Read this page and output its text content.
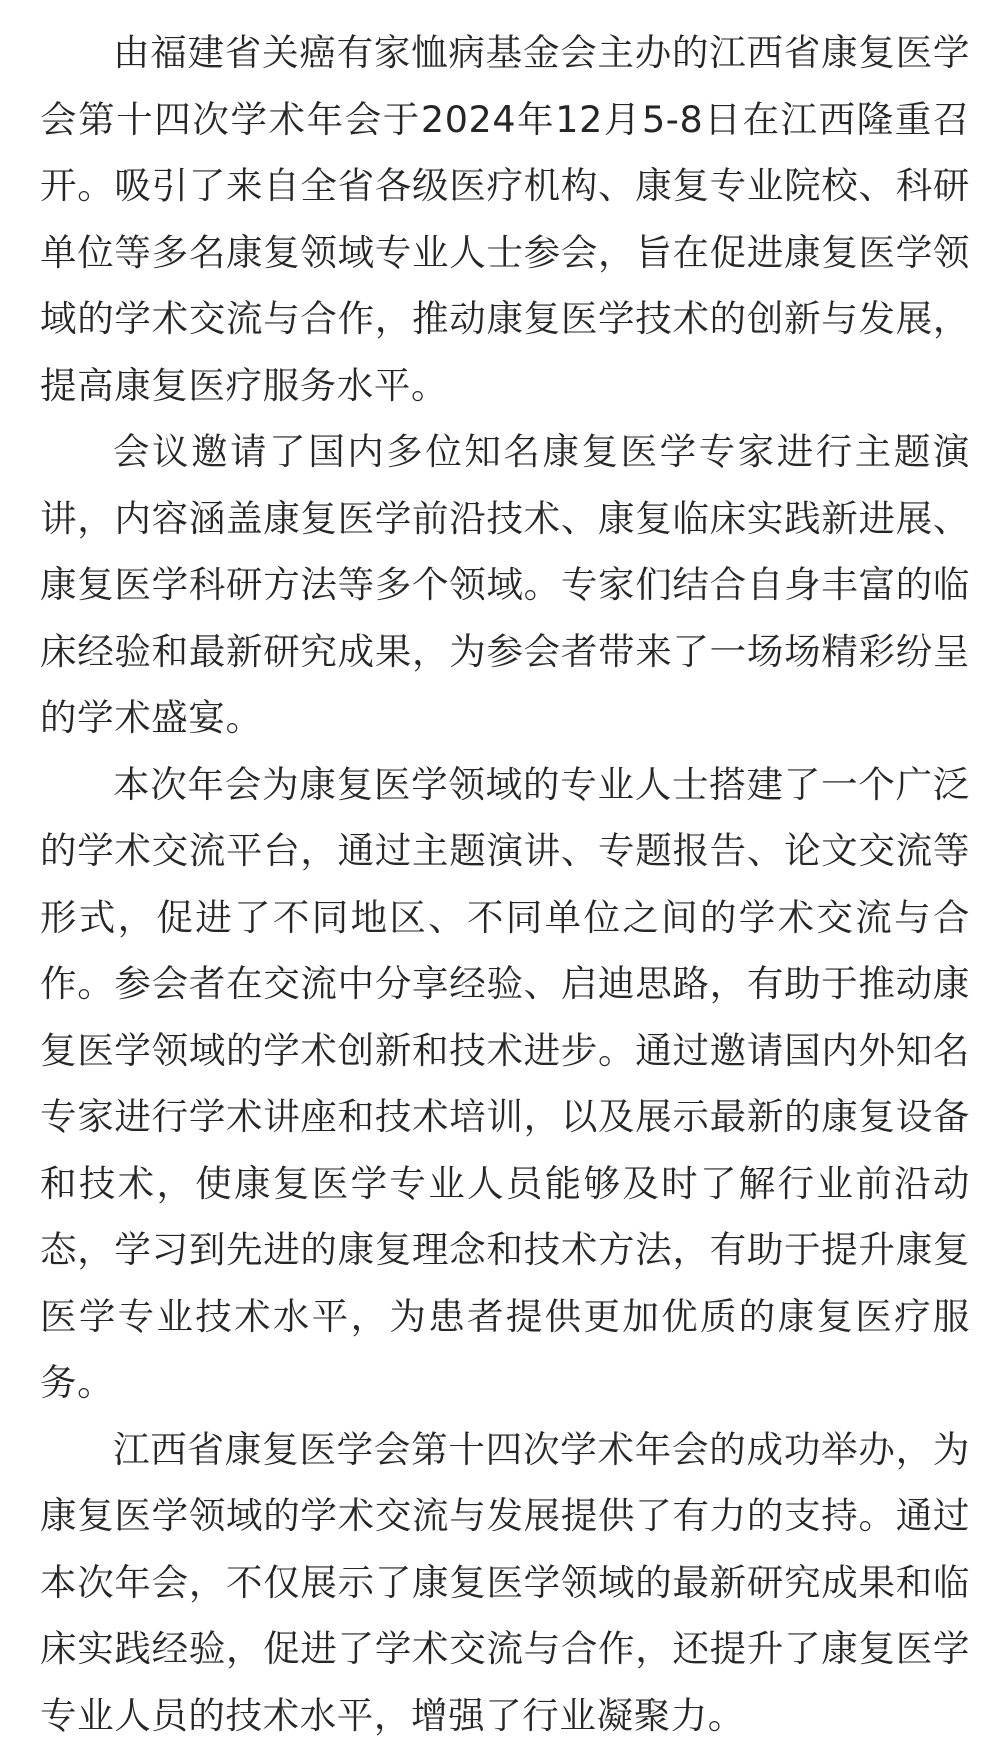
由福建省关癌有家恤病基金会主办的江西省康复医学会第十四次学术年会于2024年12月5-8日在江西隆重召开。吸引了来自全省各级医疗机构、康复专业院校、科研单位等多名康复领域专业人士参会，旨在促进康复医学领域的学术交流与合作，推动康复医学技术的创新与发展，提高康复医疗服务水平。

会议邀请了国内多位知名康复医学专家进行主题演讲，内容涵盖康复医学前沿技术、康复临床实践新进展、康复医学科研方法等多个领域。专家们结合自身丰富的临床经验和最新研究成果，为参会者带来了一场场精彩纷呈的学术盛宴。

本次年会为康复医学领域的专业人士搭建了一个广泛的学术交流平台，通过主题演讲、专题报告、论文交流等形式，促进了不同地区、不同单位之间的学术交流与合作。参会者在交流中分享经验、启迪思路，有助于推动康复医学领域的学术创新和技术进步。通过邀请国内外知名专家进行学术讲座和技术培训，以及展示最新的康复设备和技术，使康复医学专业人员能够及时了解行业前沿动态，学习到先进的康复理念和技术方法，有助于提升康复医学专业技术水平，为患者提供更加优质的康复医疗服务。

江西省康复医学会第十四次学术年会的成功举办，为康复医学领域的学术交流与发展提供了有力的支持。通过本次年会，不仅展示了康复医学领域的最新研究成果和临床实践经验，促进了学术交流与合作，还提升了康复医学专业人员的技术水平，增强了行业凝聚力。
